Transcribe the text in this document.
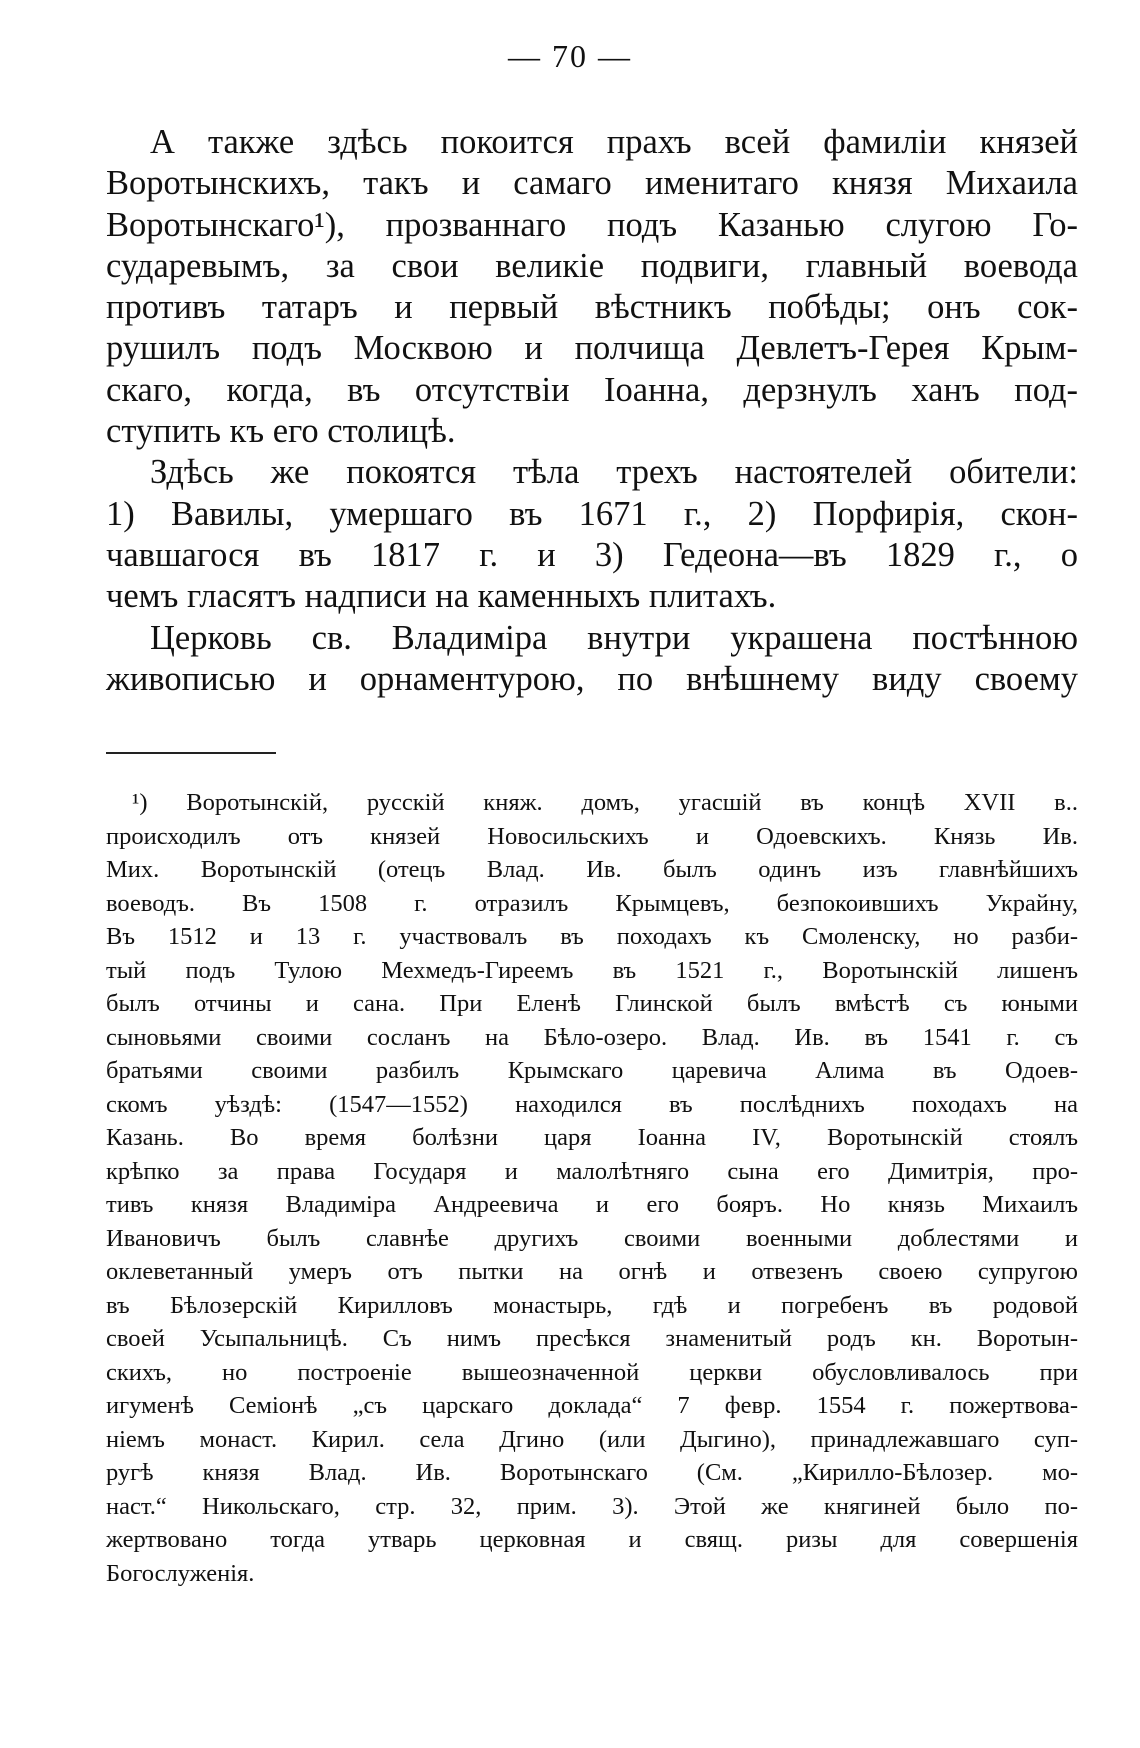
— 70 —
А также здѣсь покоится прахъ всей фамиліи князей
Воротынскихъ, такъ и самаго именитаго князя Михаила
Воротынскаго¹), прозваннаго подъ Казанью слугою Го-
сударевымъ, за свои великіе подвиги, главный воевода
противъ татаръ и первый вѣстникъ побѣды; онъ сок-
рушилъ подъ Москвою и полчища Девлетъ-Герея Крым-
скаго, когда, въ отсутствіи Іоанна, дерзнулъ ханъ под-
ступить къ его столицѣ.
Здѣсь же покоятся тѣла трехъ настоятелей обители:
1) Вавилы, умершаго въ 1671 г., 2) Порфирія, скон-
чавшагося въ 1817 г. и 3) Гедеона—въ 1829 г., о
чемъ гласятъ надписи на каменныхъ плитахъ.
Церковь св. Владиміра внутри украшена постѣнною
живописью и орнаментурою, по внѣшнему виду своему
¹) Воротынскій, русскій княж. домъ, угасшій въ концѣ XVII в..
происходилъ отъ князей Новосильскихъ и Одоевскихъ. Князь Ив.
Мих. Воротынскій (отецъ Влад. Ив. былъ одинъ изъ главнѣйшихъ
воеводъ. Въ 1508 г. отразилъ Крымцевъ, безпокоившихъ Украйну,
Въ 1512 и 13 г. участвовалъ въ походахъ къ Смоленску, но разби-
тый подъ Тулою Мехмедъ-Гиреемъ въ 1521 г., Воротынскій лишенъ
былъ отчины и сана. При Еленѣ Глинской былъ вмѣстѣ съ юными
сыновьями своими сосланъ на Бѣло-озеро. Влад. Ив. въ 1541 г. съ
братьями своими разбилъ Крымскаго царевича Алима въ Одоев-
скомъ уѣздѣ: (1547—1552) находился въ послѣднихъ походахъ на
Казань. Во время болѣзни царя Іоанна IV, Воротынскій стоялъ
крѣпко за права Государя и малолѣтняго сына его Димитрія, про-
тивъ князя Владиміра Андреевича и его бояръ. Но князь Михаилъ
Ивановичъ былъ славнѣе другихъ своими военными доблестями и
оклеветанный умеръ отъ пытки на огнѣ и отвезенъ своею супругою
въ Бѣлозерскій Кирилловъ монастырь, гдѣ и погребенъ въ родовой
своей Усыпальницѣ. Съ нимъ пресѣкся знаменитый родъ кн. Воротын-
скихъ, но построеніе вышеозначенной церкви обусловливалось при
игуменѣ Семіонѣ „съ царскаго доклада“ 7 февр. 1554 г. пожертвова-
ніемъ монаст. Кирил. села Дгино (или Дыгино), принадлежавшаго суп-
ругѣ князя Влад. Ив. Воротынскаго (См. „Кирилло-Бѣлозер. мо-
наст.“ Никольскаго, стр. 32, прим. 3). Этой же княгиней было по-
жертвовано тогда утварь церковная и свящ. ризы для совершенія
Богослуженія.
